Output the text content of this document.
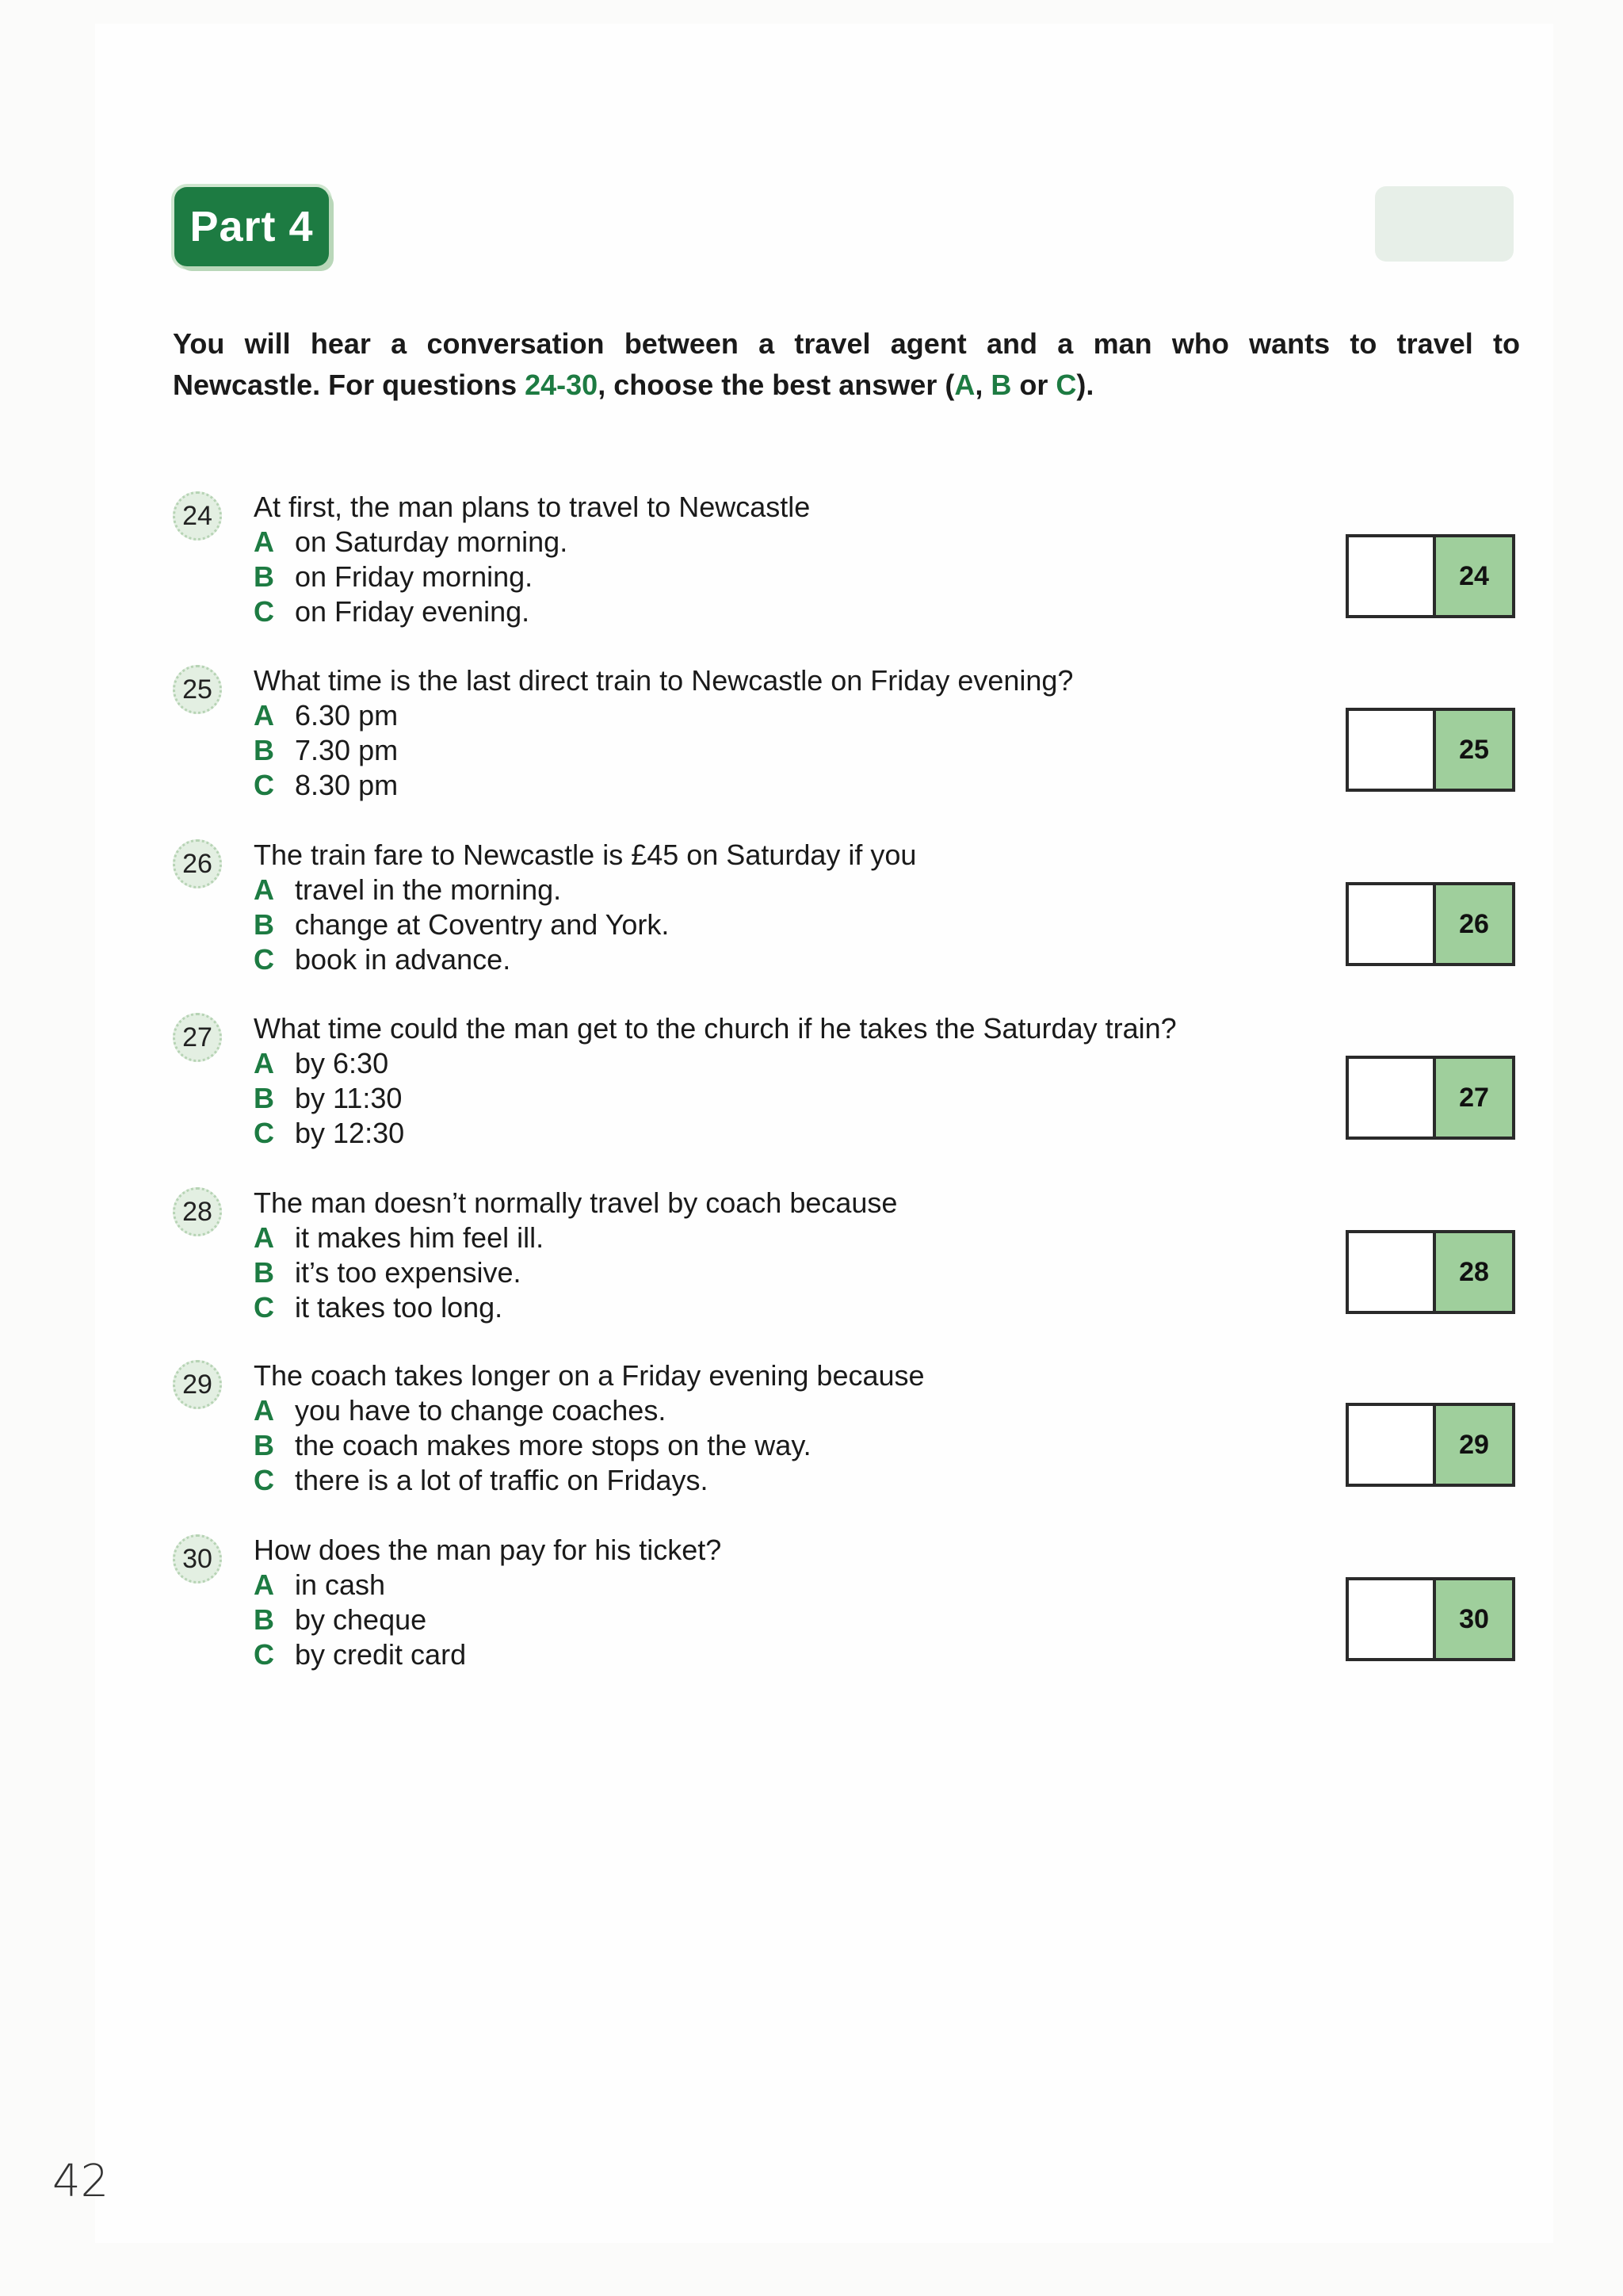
Part 4
You will hear a conversation between a travel agent and a man who wants to travel to
Newcastle. For questions 24-30, choose the best answer (A, B or C).
24	At first, the man plans to travel to Newcastle
A on Saturday morning.
B on Friday morning.
C on Friday evening.
24
25	What time is the last direct train to Newcastle on Friday evening?
A 6.30 pm
B 7.30 pm
C 8.30 pm
25
26	The train fare to Newcastle is £45 on Saturday if you
A travel in the morning.
B change at Coventry and York.
C book in advance.
26
27	What time could the man get to the church if he takes the Saturday train?
A by 6:30
B by 11:30
C by 12:30
27
28	The man doesn’t normally travel by coach because
A it makes him feel ill.
B it’s too expensive.
C it takes too long.
28
29	The coach takes longer on a Friday evening because
A you have to change coaches.
B the coach makes more stops on the way.
C there is a lot of traffic on Fridays.
29
30	How does the man pay for his ticket?
A in cash
B by cheque
C by credit card
30
42
